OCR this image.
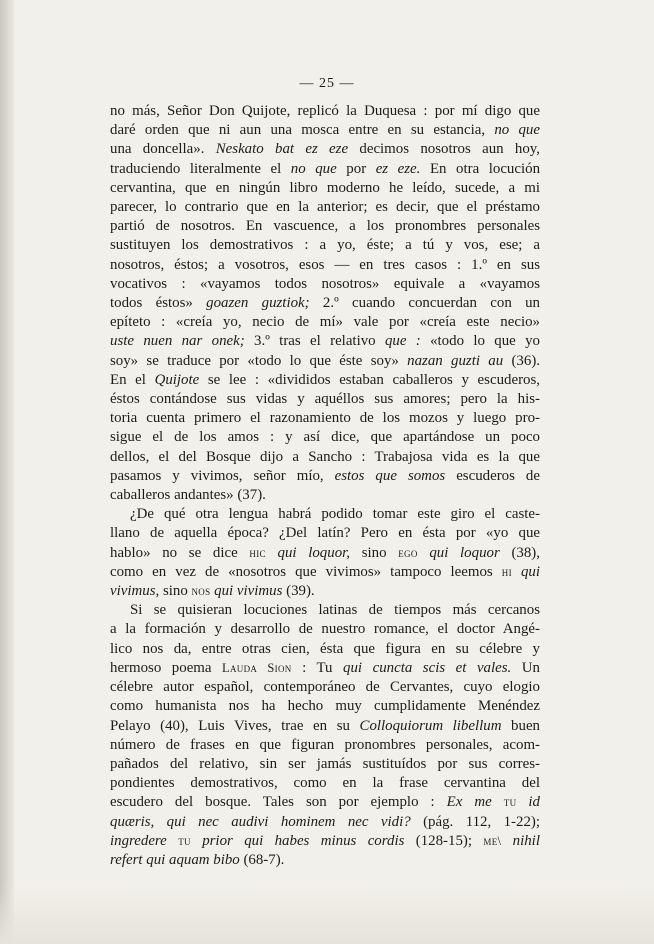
— 25 —
no más, Señor Don Quijote, replicó la Duquesa : por mí digo que
daré orden que ni aun una mosca entre en su estancia, no que
una doncella». Neskato bat ez eze decimos nosotros aun hoy,
traduciendo literalmente el no que por ez eze. En otra locución
cervantina, que en ningún libro moderno he leído, sucede, a mi
parecer, lo contrario que en la anterior; es decir, que el préstamo
partió de nosotros. En vascuence, a los pronombres personales
sustituyen los demostrativos : a yo, éste; a tú y vos, ese; a
nosotros, éstos; a vosotros, esos — en tres casos : 1.º en sus
vocativos : «vayamos todos nosotros» equivale a «vayamos
todos éstos» goazen guztiok; 2.º cuando concuerdan con un
epíteto : «creía yo, necio de mí» vale por «creía este necio»
uste nuen nar onek; 3.º tras el relativo que : «todo lo que yo
soy» se traduce por «todo lo que éste soy» nazan guzti au (36).
En el Quijote se lee : «divididos estaban caballeros y escuderos,
éstos contándose sus vidas y aquéllos sus amores; pero la his-
toria cuenta primero el razonamiento de los mozos y luego pro-
sigue el de los amos : y así dice, que apartándose un poco
dellos, el del Bosque dijo a Sancho : Trabajosa vida es la que
pasamos y vivimos, señor mío, estos que somos escuderos de
caballeros andantes» (37).
¿De qué otra lengua habrá podido tomar este giro el caste-
llano de aquella época? ¿Del latín? Pero en ésta por «yo que
hablo» no se dice hic qui loquor, sino ego qui loquor (38),
como en vez de «nosotros que vivimos» tampoco leemos hi qui
vivimus, sino nos qui vivimus (39).
Si se quisieran locuciones latinas de tiempos más cercanos
a la formación y desarrollo de nuestro romance, el doctor Angé-
lico nos da, entre otras cien, ésta que figura en su célebre y
hermoso poema Lauda Sion : Tu qui cuncta scis et vales. Un
célebre autor español, contemporáneo de Cervantes, cuyo elogio
como humanista nos ha hecho muy cumplidamente Menéndez
Pelayo (40), Luis Vives, trae en su Colloquiorum libellum buen
número de frases en que figuran pronombres personales, acom-
pañados del relativo, sin ser jamás sustituídos por sus corres-
pondientes demostrativos, como en la frase cervantina del
escudero del bosque. Tales son por ejemplo : Ex me tu id
quæris, qui nec audivi hominem nec vidi? (pág. 112, 1-22);
ingredere tu prior qui habes minus cordis (128-15); me\ nihil
refert qui aquam bibo (68-7).
